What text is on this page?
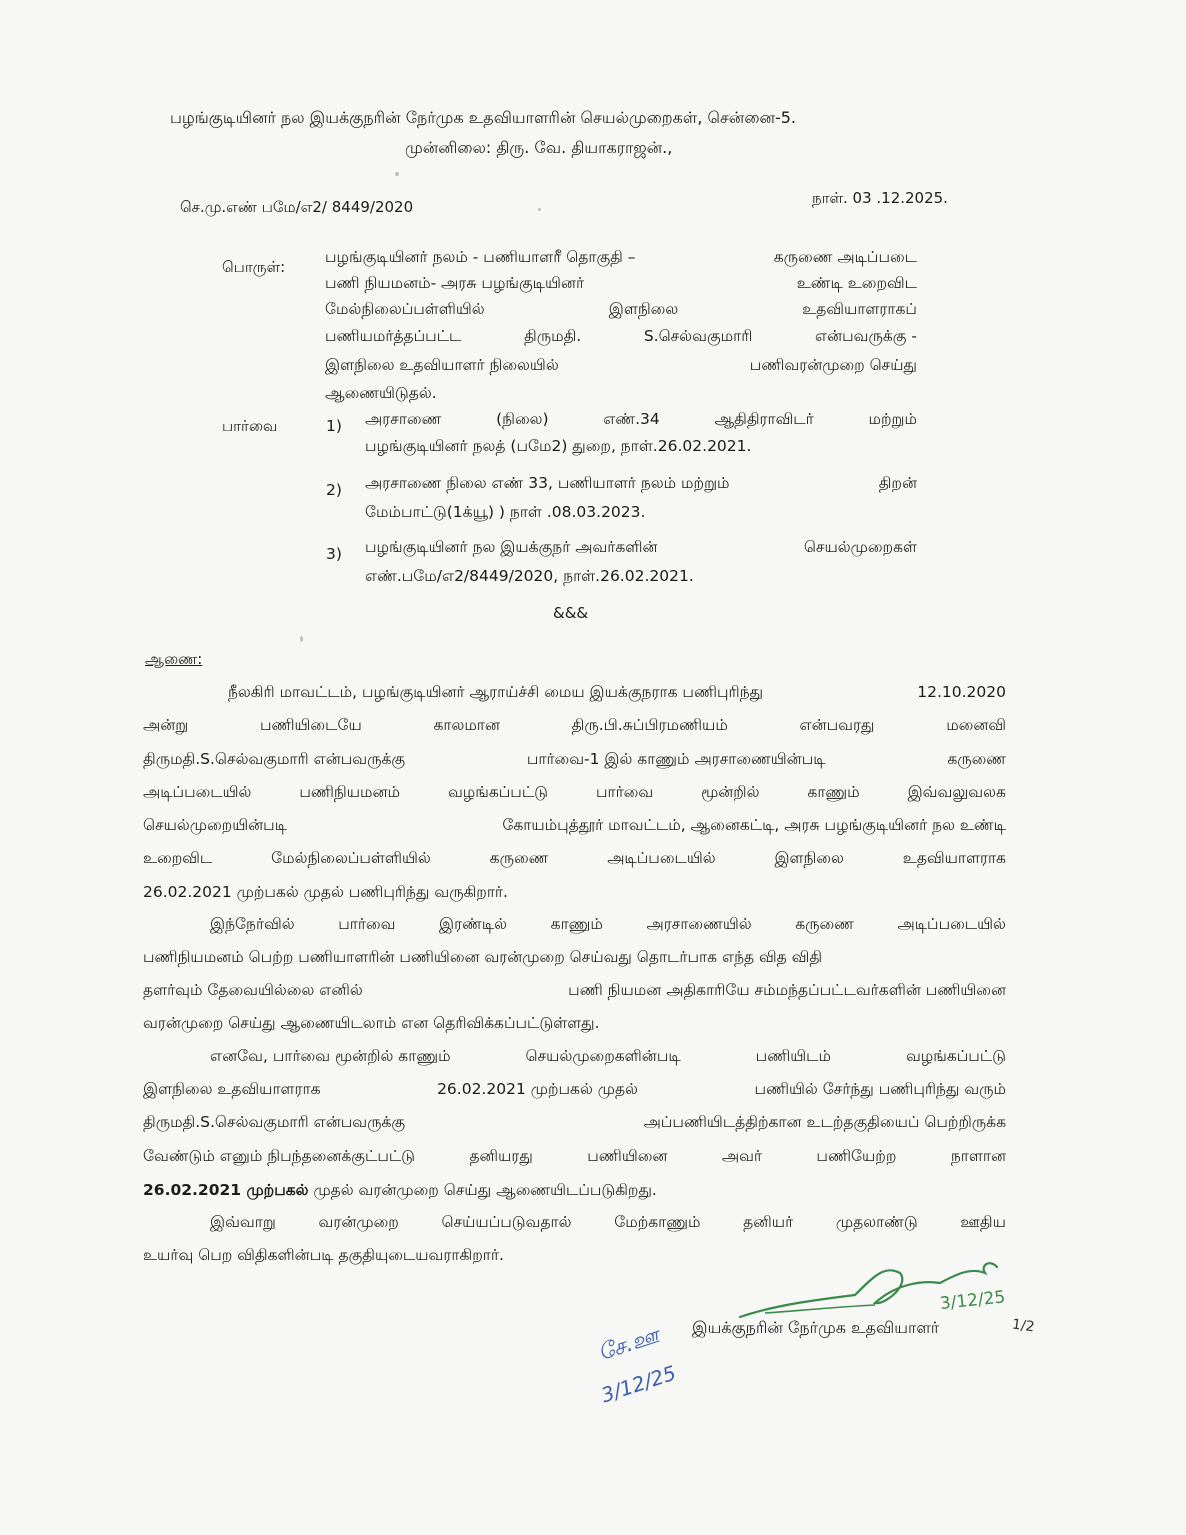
பழங்குடியினர் நல இயக்குநரின் நேர்முக உதவியாளரின் செயல்முறைகள், சென்னை-5.
முன்னிலை: திரு. வே. தியாகராஜன்.,
செ.மு.எண் பமே/எ2/ 8449/2020	நாள். 03 .12.2025.
பொருள்:
பழங்குடியினர் நலம் - பணியாளரீ தொகுதி –	கருணை அடிப்படை
பணி நியமனம்- அரசு பழங்குடியினர்	உண்டி உறைவிட
மேல்நிலைப்பள்ளியில்	இளநிலை	உதவியாளராகப்
பணியமர்த்தப்பட்ட	திருமதி.	S.செல்வகுமாரி	என்பவருக்கு -
இளநிலை உதவியாளர் நிலையில்	பணிவரன்முறை செய்து
ஆணையிடுதல்.
பார்வை	1) அரசாணை	(நிலை)	எண்.34	ஆதிதிராவிடர்	மற்றும்
பழங்குடியினர் நலத் (பமே2) துறை, நாள்.26.02.2021.
2) அரசாணை நிலை எண் 33, பணியாளர் நலம் மற்றும்	திறன்
மேம்பாட்டு(1க்யூ) ) நாள் .08.03.2023.
3) பழங்குடியினர் நல இயக்குநர் அவர்களின்	செயல்முறைகள்
எண்.பமே/எ2/8449/2020, நாள்.26.02.2021.
&&&
ஆணை:
நீலகிரி மாவட்டம், பழங்குடியினர் ஆராய்ச்சி மைய இயக்குநராக பணிபுரிந்து	12.10.2020
அன்று	பணியிடையே	காலமான	திரு.பி.சுப்பிரமணியம்	என்பவரது	மனைவி
திருமதி.S.செல்வகுமாரி என்பவருக்கு	பார்வை-1 இல் காணும் அரசாணையின்படி	கருணை
அடிப்படையில்	பணிநியமனம்	வழங்கப்பட்டு	பார்வை	மூன்றில்	காணும்	இவ்வலுவலக
செயல்முறையின்படி	கோயம்புத்தூர் மாவட்டம், ஆனைகட்டி, அரசு பழங்குடியினர் நல உண்டி
உறைவிட	மேல்நிலைப்பள்ளியில்	கருணை	அடிப்படையில்	இளநிலை	உதவியாளராக
26.02.2021 முற்பகல் முதல் பணிபுரிந்து வருகிறார்.
இந்நேர்வில்	பார்வை	இரண்டில்	காணும்	அரசாணையில்	கருணை	அடிப்படையில்
பணிநியமனம் பெற்ற பணியாளரின் பணியினை வரன்முறை செய்வது தொடர்பாக எந்த வித விதி
தளர்வும் தேவையில்லை எனில்	பணி நியமன அதிகாரியே சம்மந்தப்பட்டவர்களின் பணியினை
வரன்முறை செய்து ஆணையிடலாம் என தெரிவிக்கப்பட்டுள்ளது.
எனவே, பார்வை மூன்றில் காணும்	செயல்முறைகளின்படி	பணியிடம்	வழங்கப்பட்டு
இளநிலை உதவியாளராக	26.02.2021 முற்பகல் முதல்	பணியில் சேர்ந்து பணிபுரிந்து வரும்
திருமதி.S.செல்வகுமாரி என்பவருக்கு	அப்பணியிடத்திற்கான உடற்தகுதியைப் பெற்றிருக்க
வேண்டும் எனும் நிபந்தனைக்குட்பட்டு	தனியரது	பணியினை	அவர்	பணியேற்ற	நாளான
26.02.2021 முற்பகல் முதல் வரன்முறை செய்து ஆணையிடப்படுகிறது.
இவ்வாறு	வரன்முறை	செய்யப்படுவதால்	மேற்காணும்	தனியர்	முதலாண்டு	ஊதிய
உயர்வு பெற விதிகளின்படி தகுதியுடையவராகிறார்.
3/12/25
இயக்குநரின் நேர்முக உதவியாளர்	1/2
சே.ஊ
3/12/25
